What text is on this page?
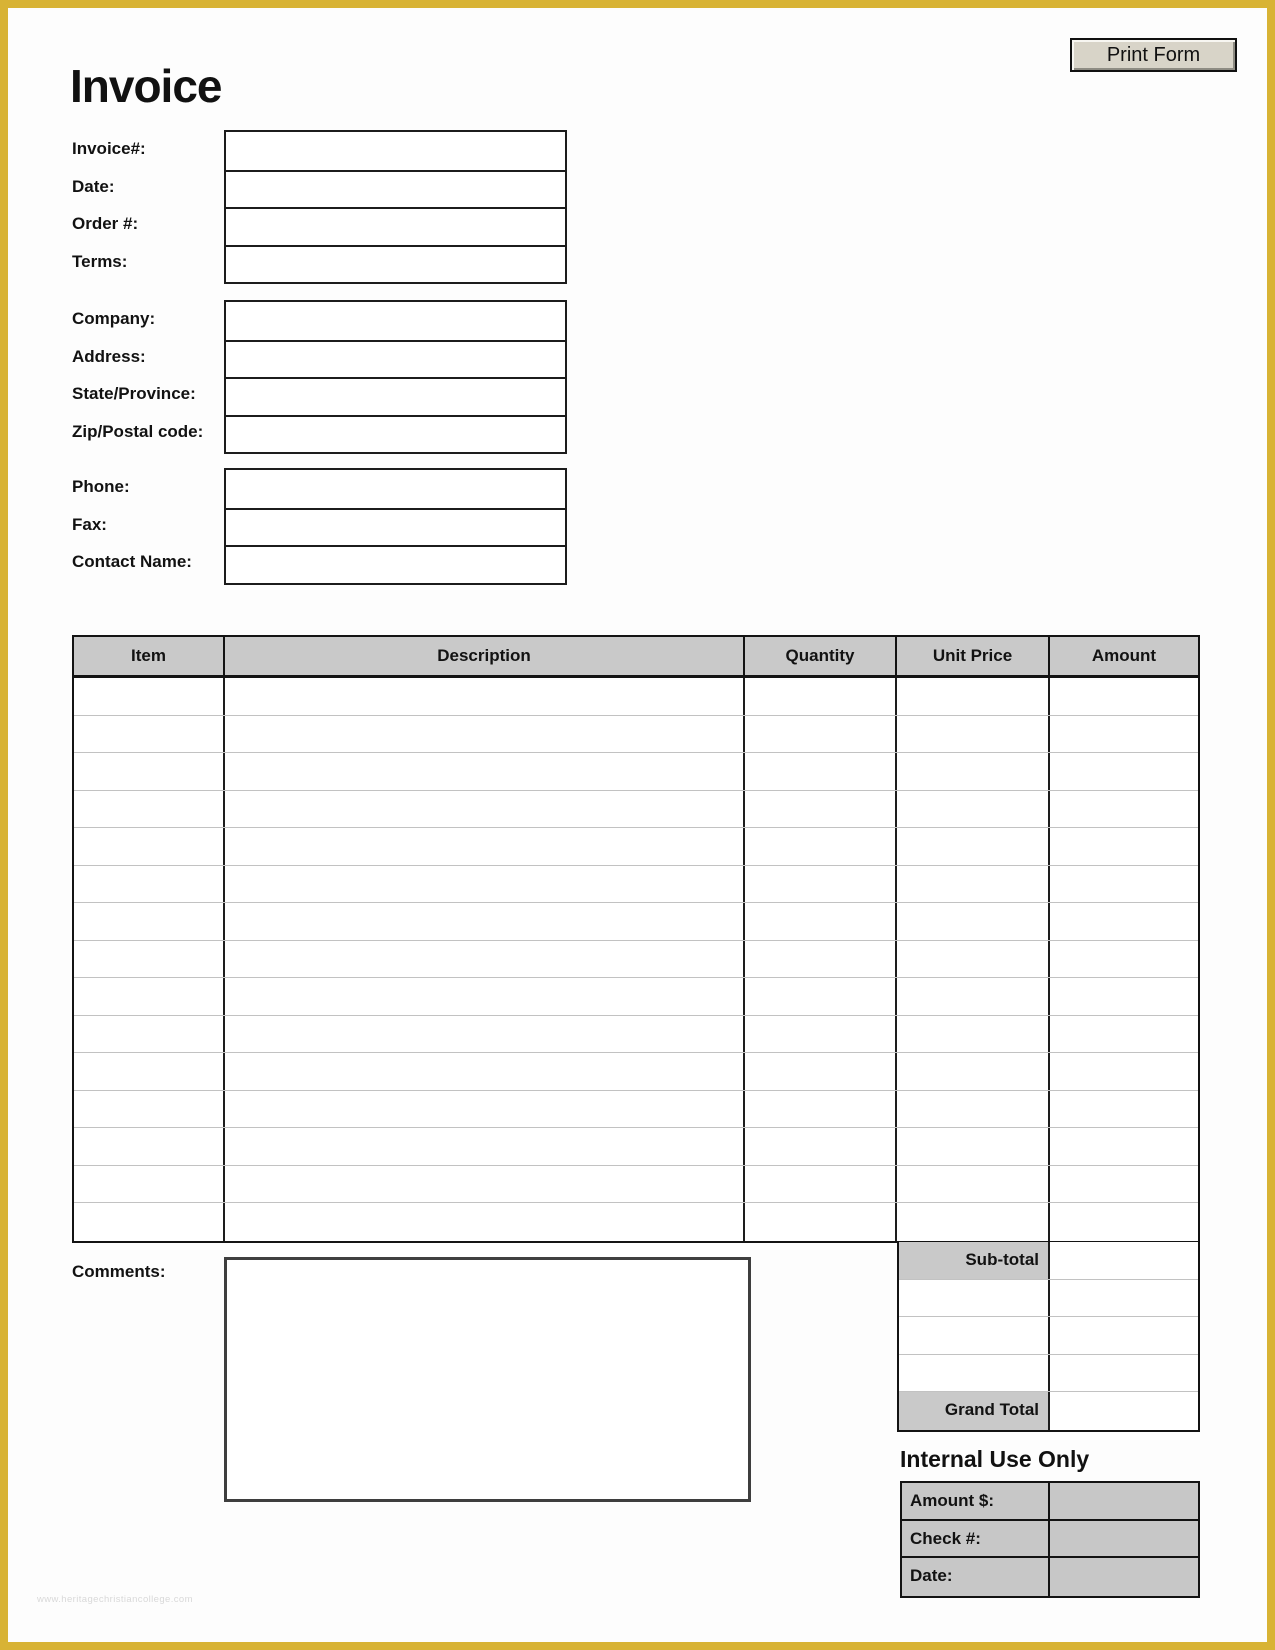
Print Form
Invoice
Invoice#:
Date:
Order #:
Terms:
Company:
Address:
State/Province:
Zip/Postal code:
Phone:
Fax:
Contact Name:
Item	Description	Quantity	Unit Price	Amount
Sub-total
Grand Total
Comments:
Internal Use Only
Amount $:
Check #:
Date:
www.heritagechristiancollege.com
